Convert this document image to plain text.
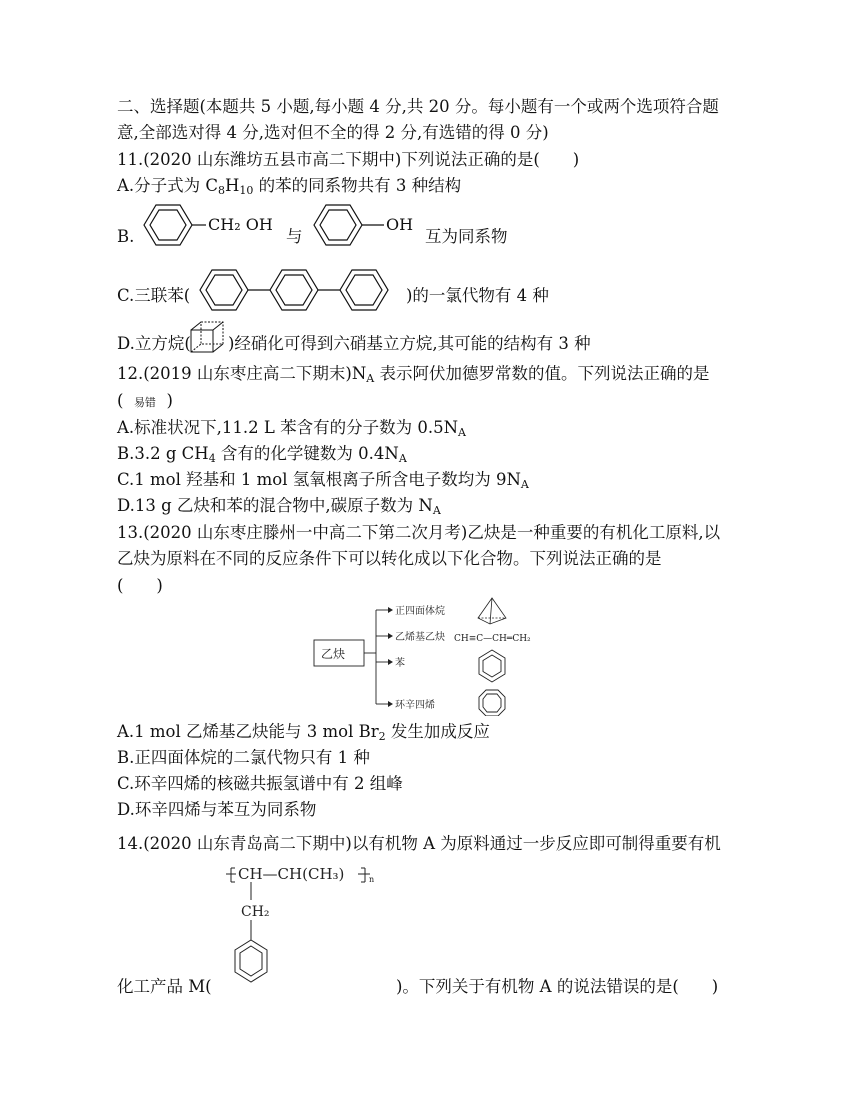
二、选择题(本题共 5 小题,每小题 4 分,共 20 分。每小题有一个或两个选项符合题
意,全部选对得 4 分,选对但不全的得 2 分,有选错的得 0 分)
11.(2020 山东潍坊五县市高二下期中)下列说法正确的是(　　)
A.分子式为 $C_8H_{10}$ 的苯的同系物共有 3 种结构
B.
CH₂ OH
与
OH
互为同系物
C.三联苯(	)的一氯代物有 4 种
D.立方烷( )经硝化可得到六硝基立方烷,其可能的结构有 3 种
12.(2019 山东枣庄高二下期末)$N_A$ 表示阿伏加德罗常数的值。下列说法正确的是
( 易错 )
A.标准状况下,11.2 L 苯含有的分子数为 $0.5N_A$
B.3.2 g $CH_4$ 含有的化学键数为 $0.4N_A$
C.1 mol 羟基和 1 mol 氢氧根离子所含电子数均为 $9N_A$
D.13 g 乙炔和苯的混合物中,碳原子数为 $N_A$
13.(2020 山东枣庄滕州一中高二下第二次月考)乙炔是一种重要的有机化工原料,以
乙炔为原料在不同的反应条件下可以转化成以下化合物。下列说法正确的是
(　　)
乙炔
正四面体烷
乙烯基乙炔
苯
环辛四烯
CH≡C—CH═CH₂
A.1 mol 乙烯基乙炔能与 3 mol $Br_2$ 发生加成反应
B.正四面体烷的二氯代物只有 1 种
C.环辛四烯的核磁共振氢谱中有 2 组峰
D.环辛四烯与苯互为同系物
14.(2020 山东青岛高二下期中)以有机物 A 为原料通过一步反应即可制得重要有机
CH—CH(CH₃)	n
CH₂
化工产品 M(	)。下列关于有机物 A 的说法错误的是(　　)
